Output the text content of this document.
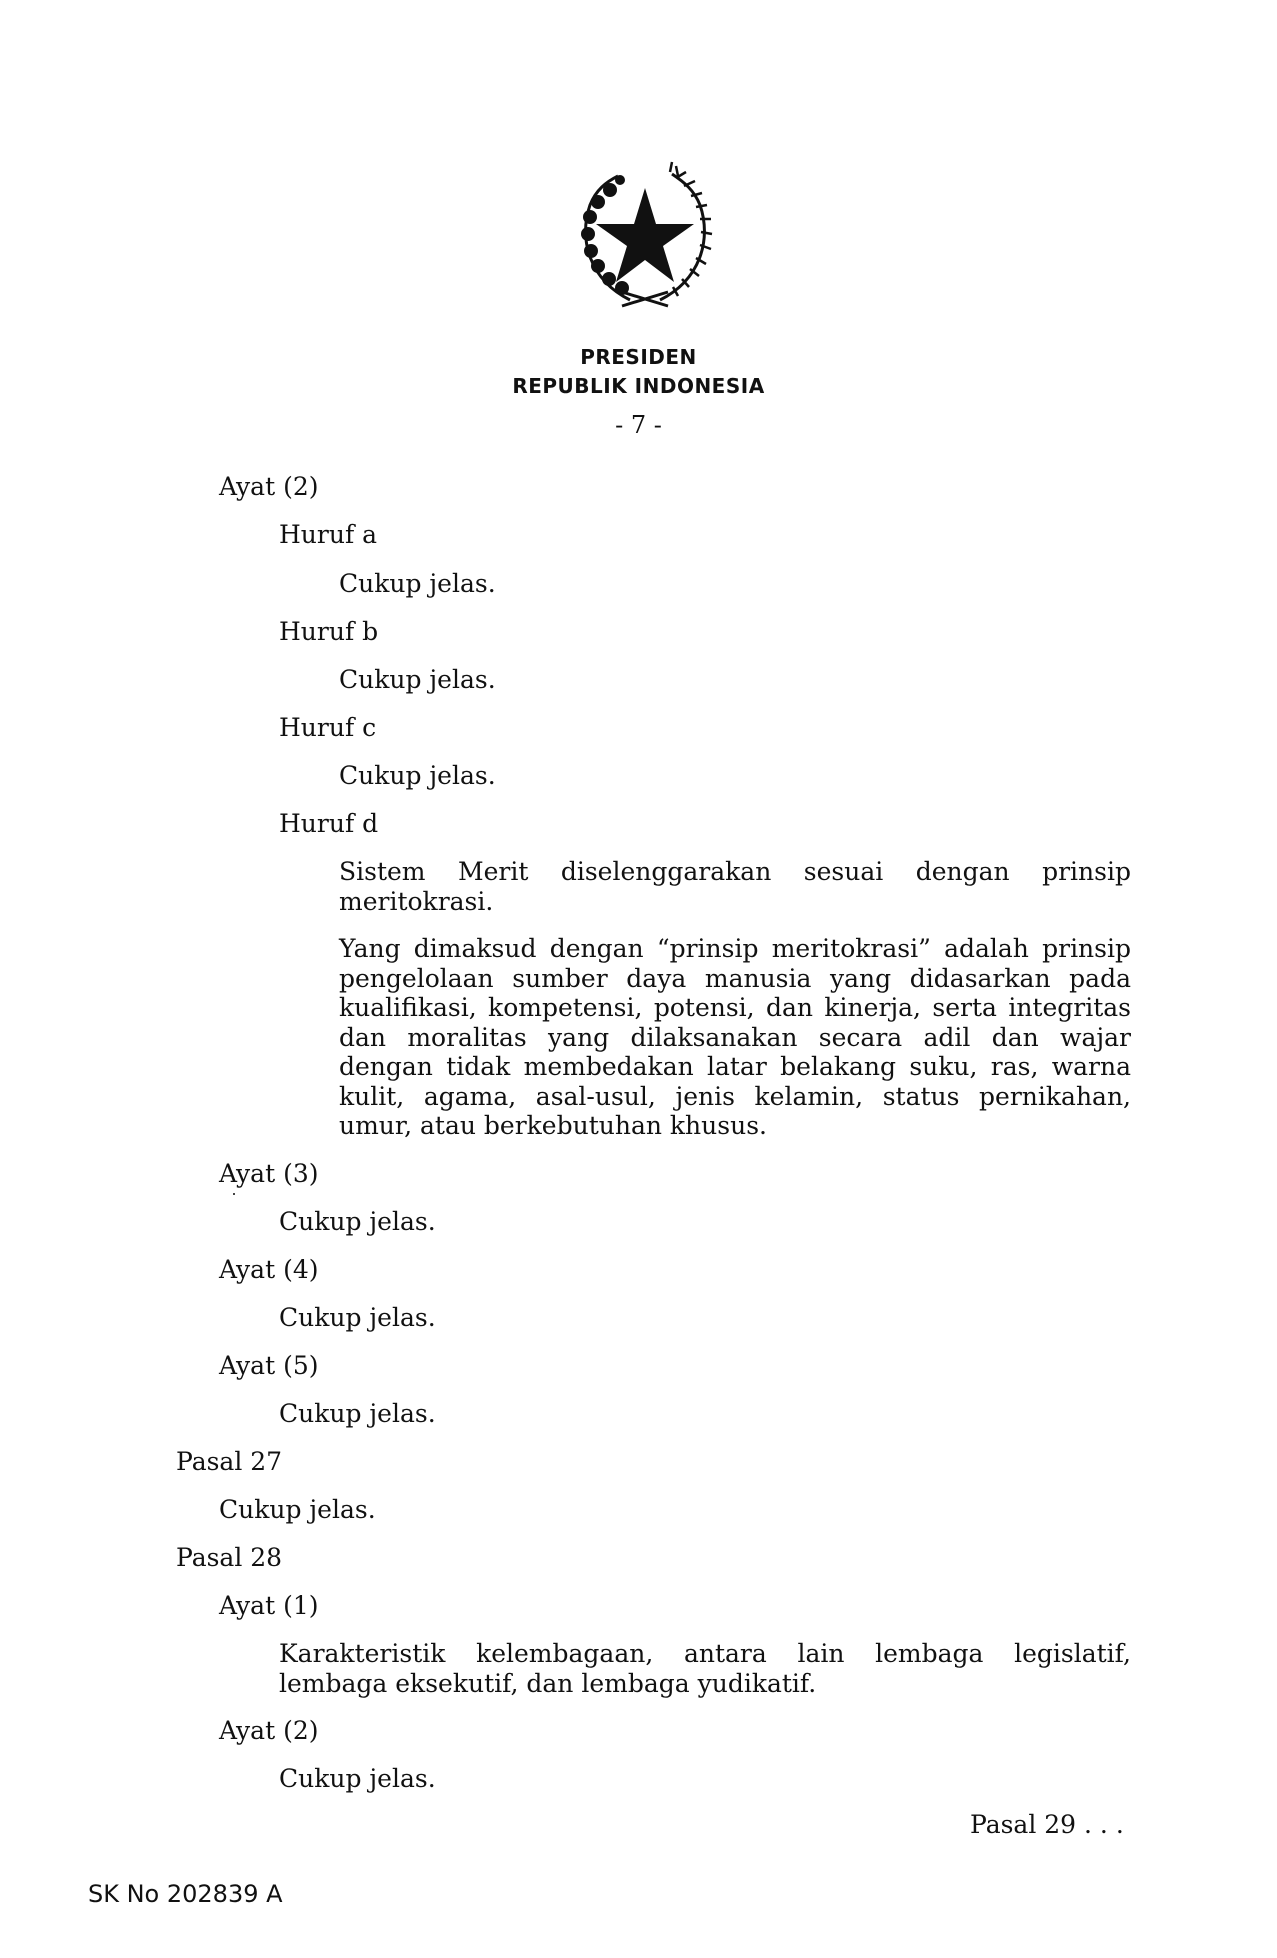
PRESIDEN
REPUBLIK INDONESIA
- 7 -
Ayat (2)
Huruf a
Cukup jelas.
Huruf b
Cukup jelas.
Huruf c
Cukup jelas.
Huruf d
Sistem Merit diselenggarakan sesuai dengan prinsip meritokrasi.
Yang dimaksud dengan “prinsip meritokrasi” adalah prinsip pengelolaan sumber daya manusia yang didasarkan pada kualifikasi, kompetensi, potensi, dan kinerja, serta integritas dan moralitas yang dilaksanakan secara adil dan wajar dengan tidak membedakan latar belakang suku, ras, warna kulit, agama, asal-usul, jenis kelamin, status pernikahan, umur, atau berkebutuhan khusus.
Ayat (3)
Cukup jelas.
Ayat (4)
Cukup jelas.
Ayat (5)
Cukup jelas.
Pasal 27
Cukup jelas.
Pasal 28
Ayat (1)
Karakteristik kelembagaan, antara lain lembaga legislatif, lembaga eksekutif, dan lembaga yudikatif.
Ayat (2)
Cukup jelas.
Pasal 29 . . .
SK No 202839 A
